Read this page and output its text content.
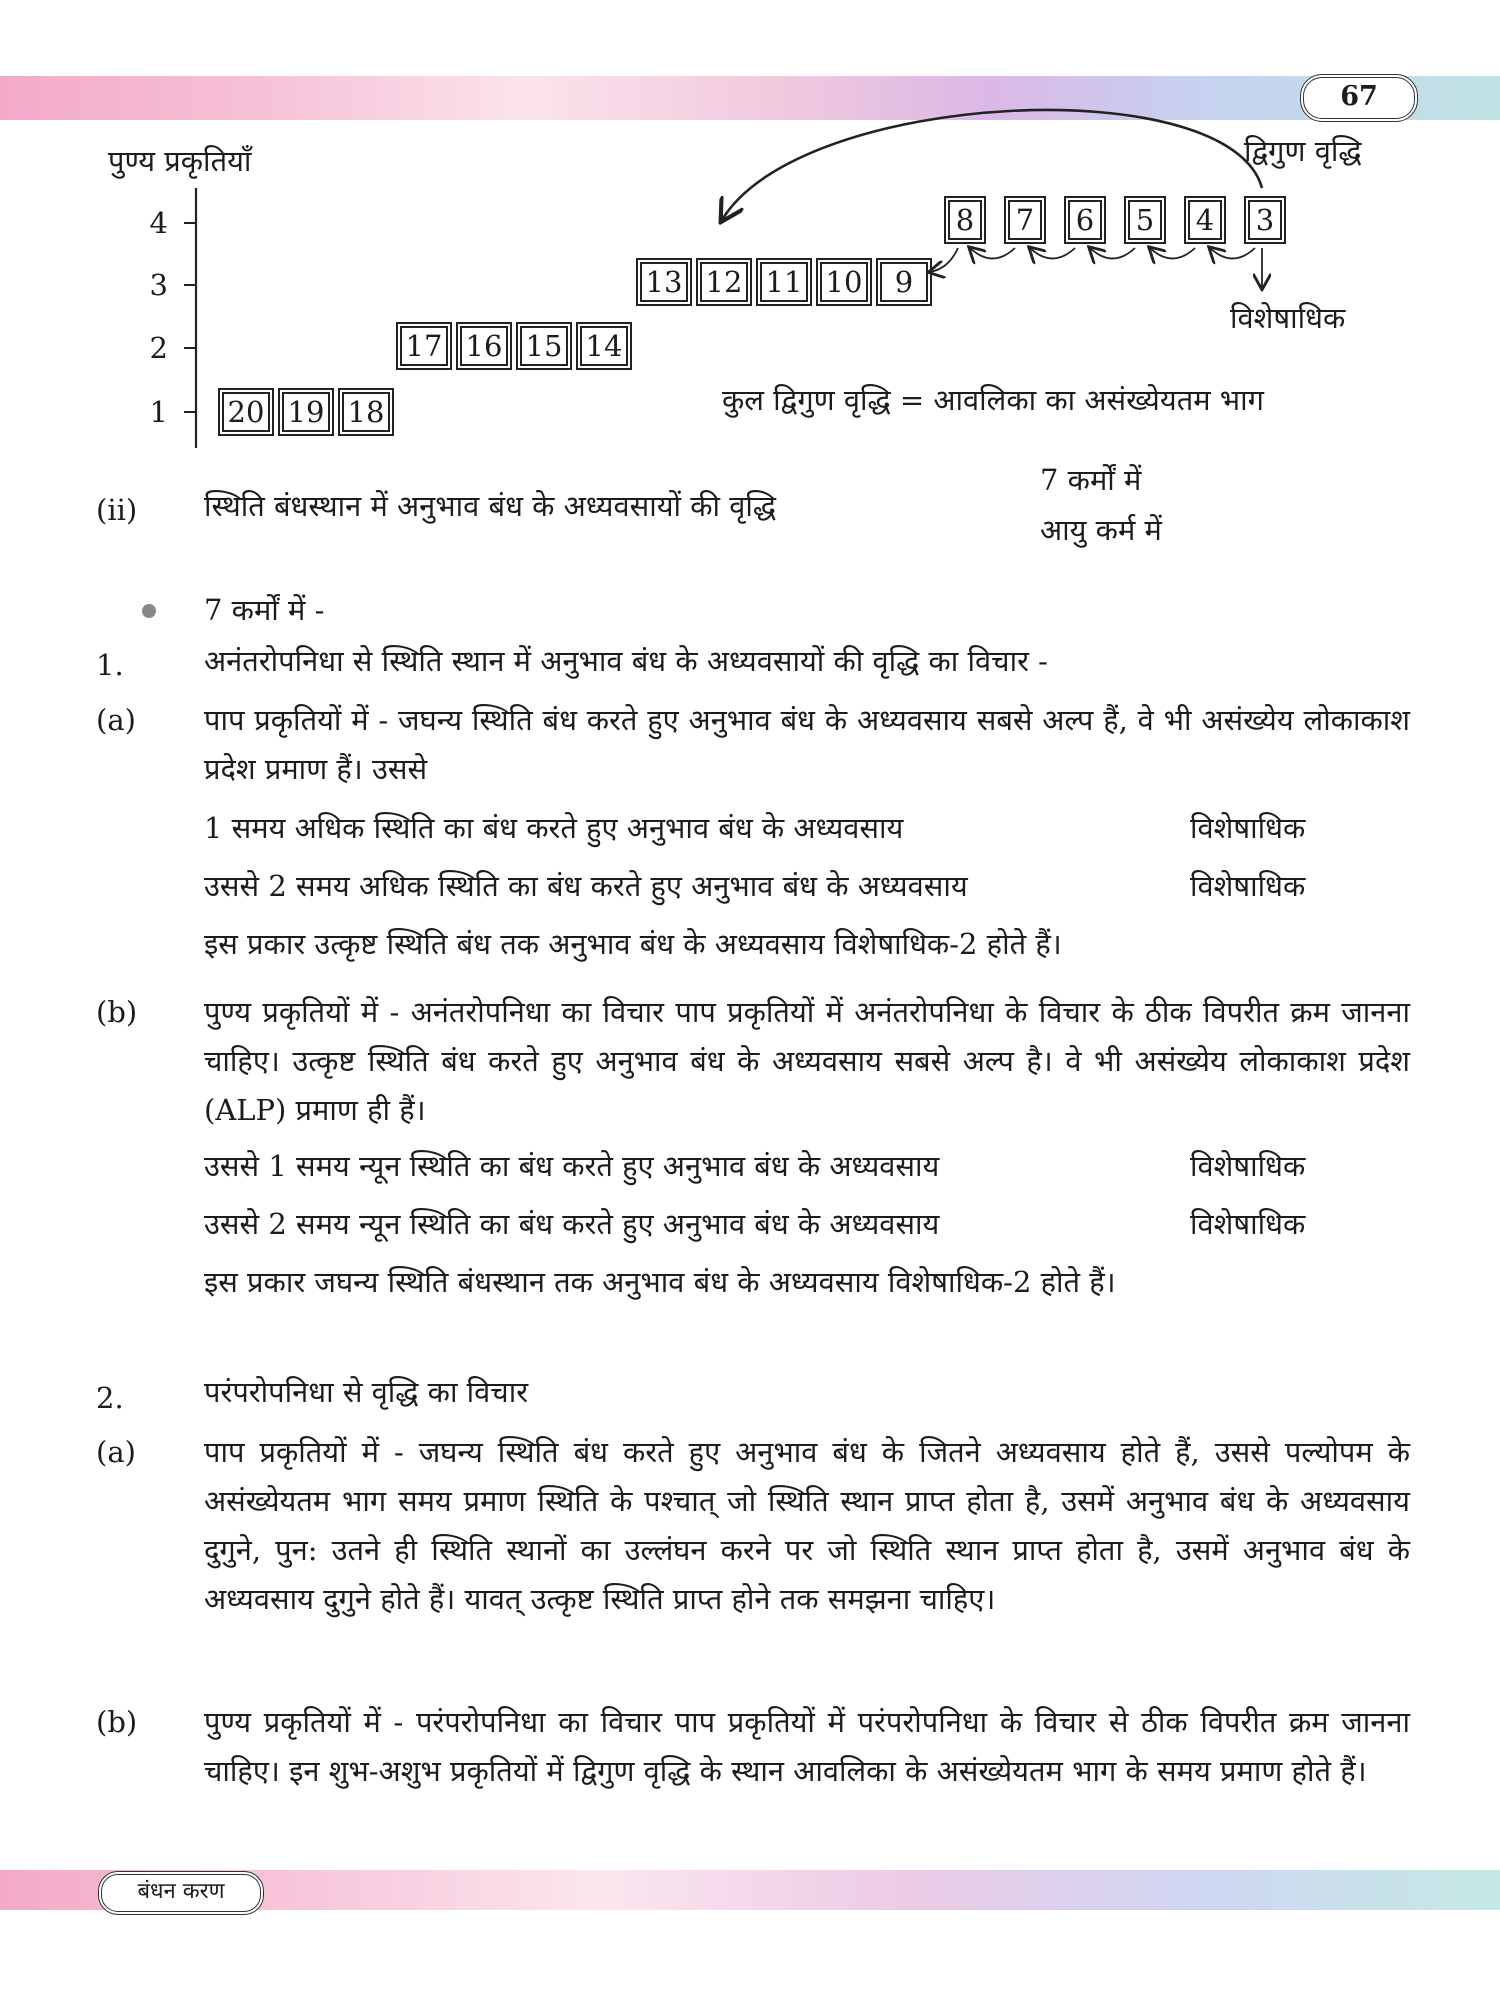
67
पुण्य प्रकृतियाँ	द्विगुण वृद्धि
4
3
2
1
8 7 6 5 4 3
13 12 11 10	9
17 16 15 14
20 19 18
विशेषाधिक
कुल द्विगुण वृद्धि = आवलिका का असंख्येयतम भाग
(ii) स्थिति बंधस्थान में अनुभाव बंध के अध्यवसायों की वृद्धि
7 कर्मों में
आयु कर्म में
7 कर्मों में -
1.	अनंतरोपनिधा से स्थिति स्थान में अनुभाव बंध के अध्यवसायों की वृद्धि का विचार -
(a) पाप प्रकृतियों में - जघन्य स्थिति बंध करते हुए अनुभाव बंध के अध्यवसाय सबसे अल्प हैं, वे भी असंख्येय लोकाकाश प्रदेश प्रमाण हैं। उससे
1 समय अधिक स्थिति का बंध करते हुए अनुभाव बंध के अध्यवसाय	विशेषाधिक
उससे 2 समय अधिक स्थिति का बंध करते हुए अनुभाव बंध के अध्यवसाय	विशेषाधिक
इस प्रकार उत्कृष्ट स्थिति बंध तक अनुभाव बंध के अध्यवसाय विशेषाधिक-2 होते हैं।
(b) पुण्य प्रकृतियों में - अनंतरोपनिधा का विचार पाप प्रकृतियों में अनंतरोपनिधा के विचार के ठीक विपरीत क्रम जानना चाहिए। उत्कृष्ट स्थिति बंध करते हुए अनुभाव बंध के अध्यवसाय सबसे अल्प है। वे भी असंख्येय लोकाकाश प्रदेश (ALP) प्रमाण ही हैं।
उससे 1 समय न्यून स्थिति का बंध करते हुए अनुभाव बंध के अध्यवसाय	विशेषाधिक
उससे 2 समय न्यून स्थिति का बंध करते हुए अनुभाव बंध के अध्यवसाय	विशेषाधिक
इस प्रकार जघन्य स्थिति बंधस्थान तक अनुभाव बंध के अध्यवसाय विशेषाधिक-2 होते हैं।
2.	परंपरोपनिधा से वृद्धि का विचार
(a) पाप प्रकृतियों में - जघन्य स्थिति बंध करते हुए अनुभाव बंध के जितने अध्यवसाय होते हैं, उससे पल्योपम के असंख्येयतम भाग समय प्रमाण स्थिति के पश्चात् जो स्थिति स्थान प्राप्त होता है, उसमें अनुभाव बंध के अध्यवसाय दुगुने, पुन: उतने ही स्थिति स्थानों का उल्लंघन करने पर जो स्थिति स्थान प्राप्त होता है, उसमें अनुभाव बंध के अध्यवसाय दुगुने होते हैं। यावत् उत्कृष्ट स्थिति प्राप्त होने तक समझना चाहिए।
(b) पुण्य प्रकृतियों में - परंपरोपनिधा का विचार पाप प्रकृतियों में परंपरोपनिधा के विचार से ठीक विपरीत क्रम जानना चाहिए। इन शुभ-अशुभ प्रकृतियों में द्विगुण वृद्धि के स्थान आवलिका के असंख्येयतम भाग के समय प्रमाण होते हैं।
बंधन करण
